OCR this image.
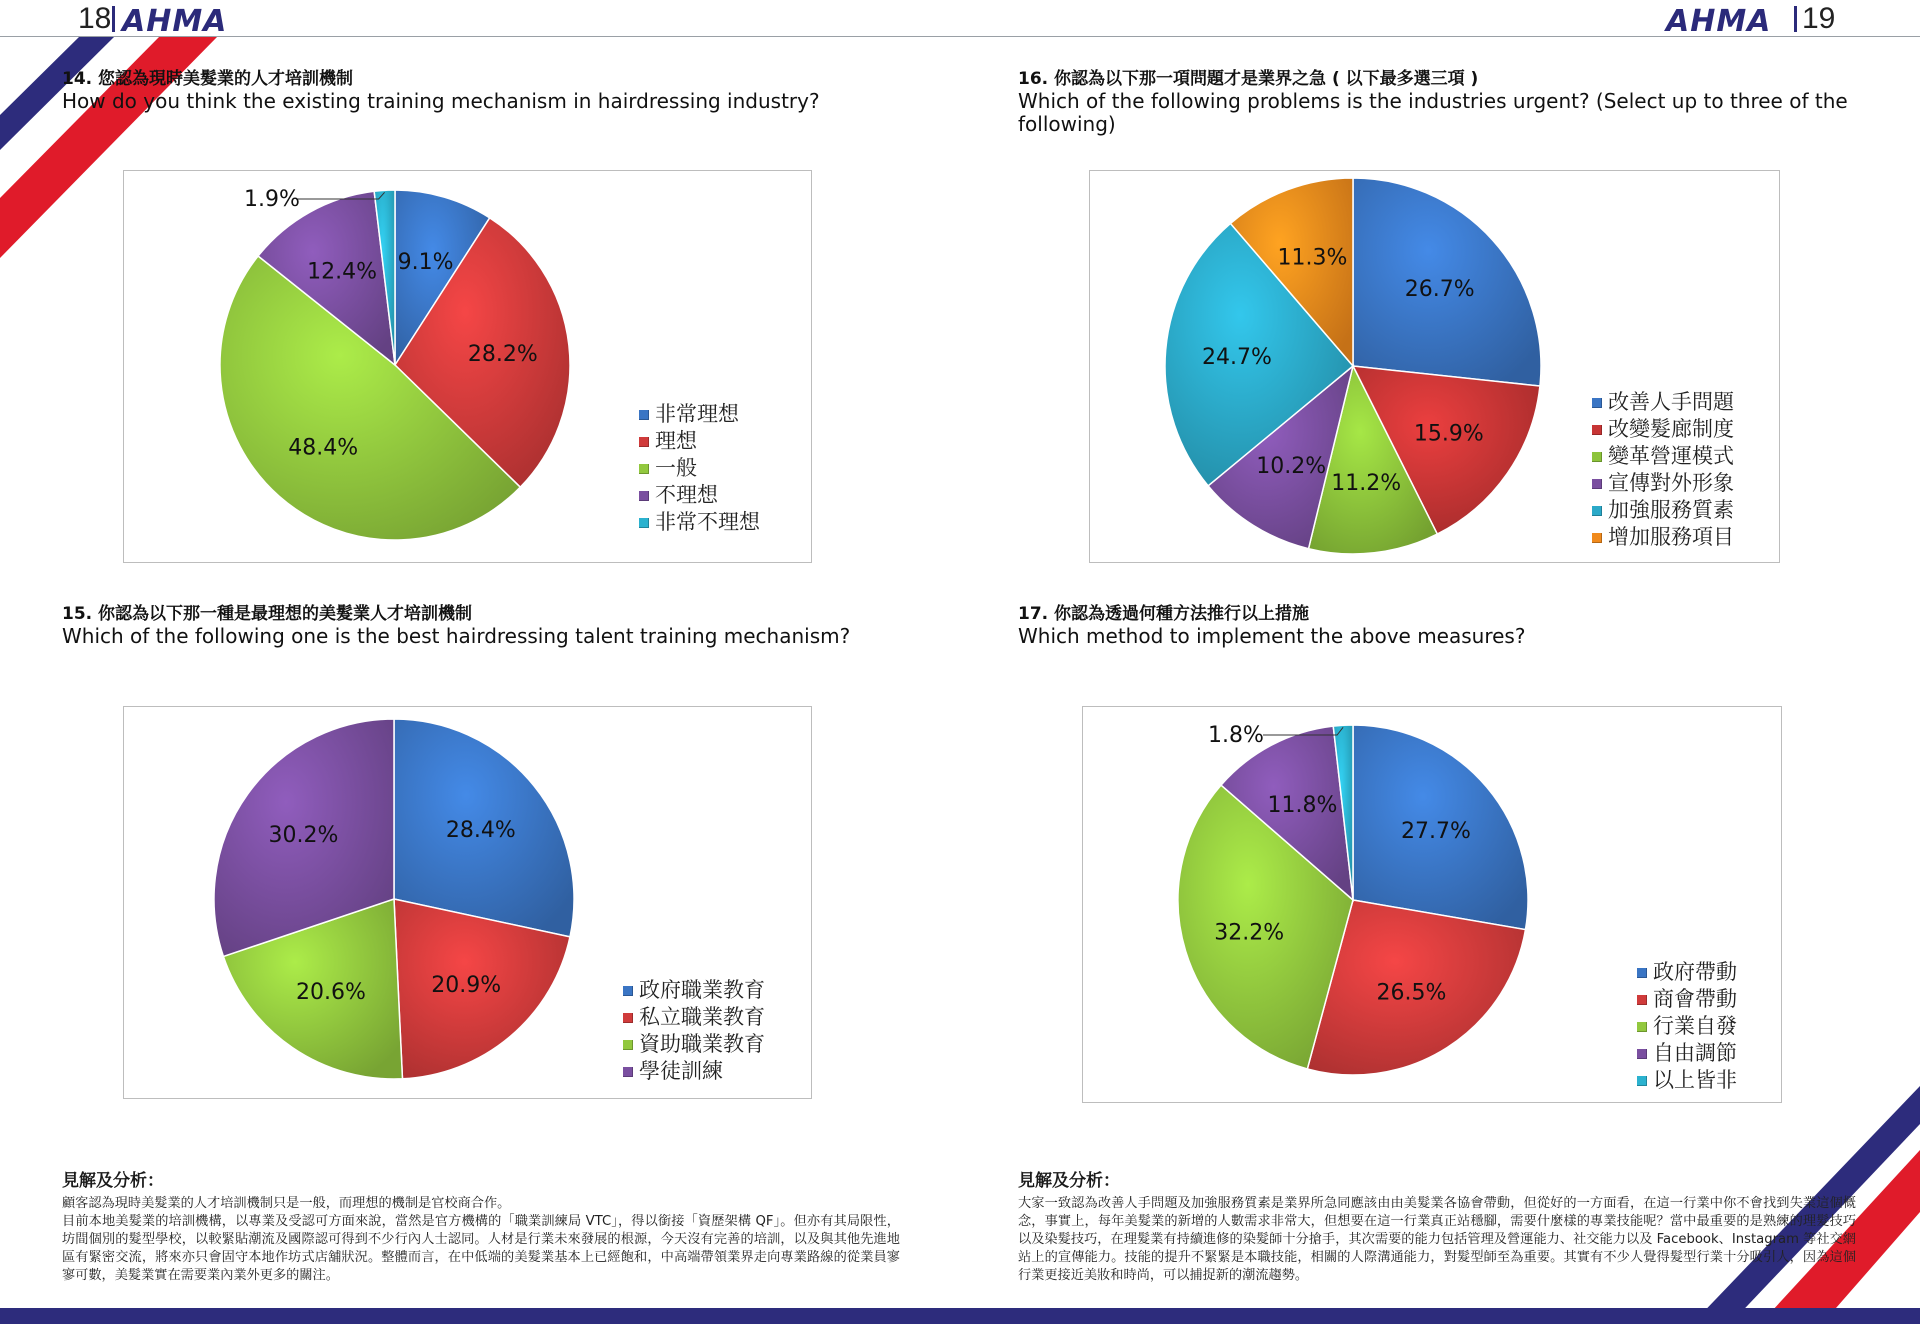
18 AHMA	AHMA 19
14. 您認為現時美髮業的人才培訓機制
How do you think the existing training mechanism in hairdressing industry?
9.1%
28.2%
48.4%
12.4%
1.9%
非常理想
理想
一般
不理想
非常不理想
16. 你認為以下那一項問題才是業界之急 ( 以下最多選三項 )
Which of the following problems is the industries urgent? (Select up to three of the following)
26.7%
15.9%
11.2%
10.2%
24.7%
11.3%
改善人手問題
改變髮廊制度
變革營運模式
宣傳對外形象
加強服務質素
增加服務項目
15. 你認為以下那一種是最理想的美髮業人才培訓機制
Which of the following one is the best hairdressing talent training mechanism?
28.4%
20.9%
20.6%
30.2%
政府職業教育
私立職業教育
資助職業教育
學徒訓練
17. 你認為透過何種方法推行以上措施
Which method to implement the above measures?
27.7%
26.5%
32.2%
11.8%
1.8%
政府帶動
商會帶動
行業自發
自由調節
以上皆非
見解及分析：

顧客認為現時美髮業的人才培訓機制只是一般，而理想的機制是官校商合作。

目前本地美髮業的培訓機構，以專業及受認可方面來說，當然是官方機構的「職業訓練局 VTC」，得以銜接「資歷架構 QF」。但亦有其局限性，坊間個別的髮型學校，以較緊貼潮流及國際認可得到不少行內人士認同。人材是行業未來發展的根源，今天沒有完善的培訓，以及與其他先進地區有緊密交流，將來亦只會固守本地作坊式店舖狀況。整體而言，在中低端的美髮業基本上已經飽和，中高端帶領業界走向專業路線的從業員寥寥可數，美髮業實在需要業內業外更多的關注。

見解及分析：

大家一致認為改善人手問題及加強服務質素是業界所急同應該由由美髮業各協會帶動，但從好的一方面看，在這一行業中你不會找到失業這個概念，事實上，每年美髮業的新增的人數需求非常大，但想要在這一行業真正站穩腳，需要什麼樣的專業技能呢？當中最重要的是熟練的理髮技巧以及染髮技巧，在理髮業有持續進修的染髮師十分搶手，其次需要的能力包括管理及營運能力、社交能力以及 Facebook、Instagram 等社交網站上的宣傳能力。技能的提升不緊緊是本職技能，相關的人際溝通能力，對髮型師至為重要。其實有不少人覺得髮型行業十分吸引人，因為這個行業更接近美妝和時尚，可以捕捉新的潮流趨勢。
